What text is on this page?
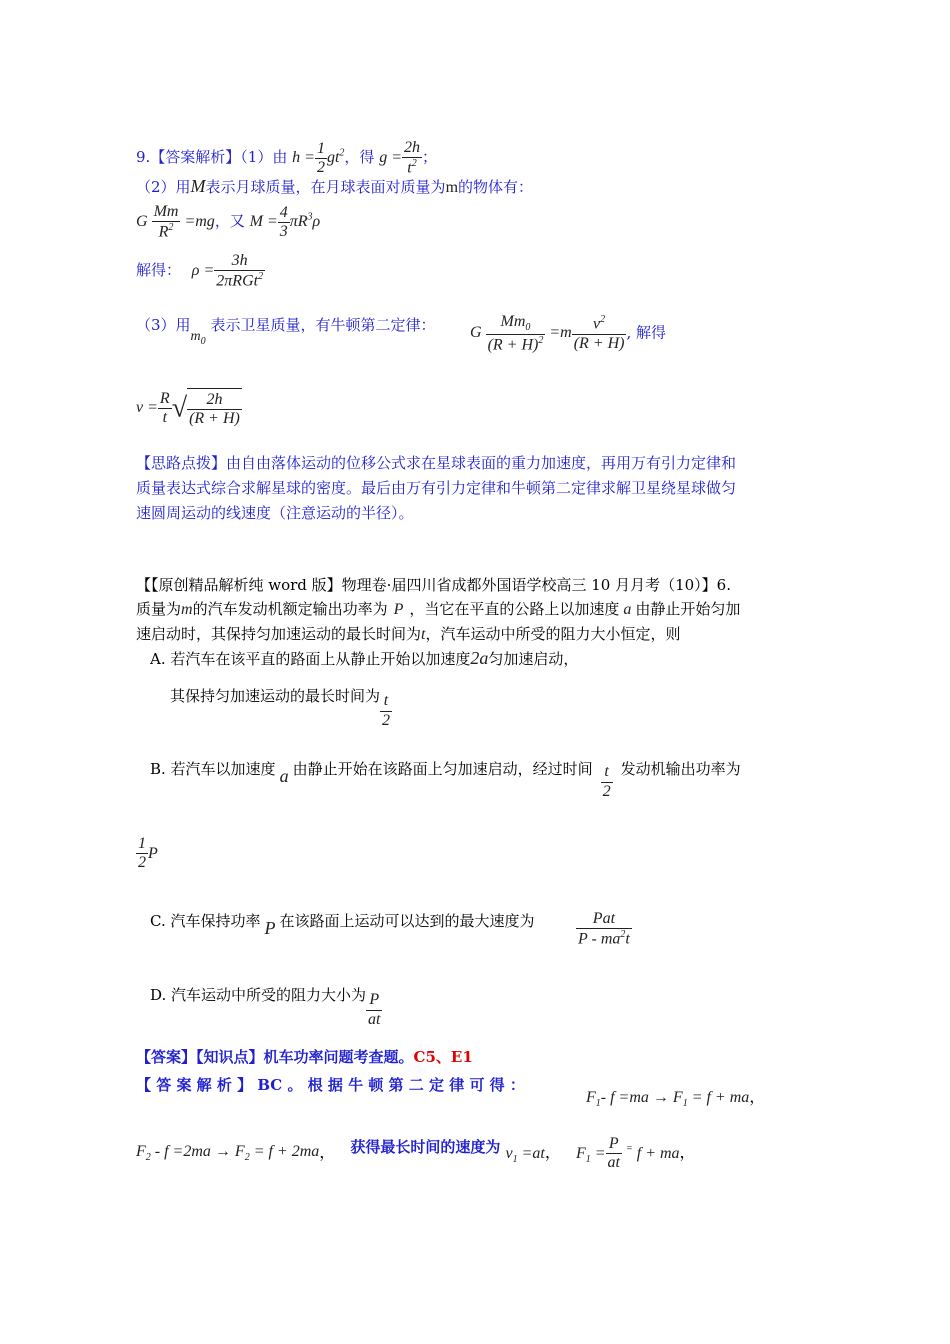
9.【答案解析】（1）由 $h = \frac{1}{2} gt^2$，得 $g = \frac{2h}{t^2}$ ；
（2）用M表示月球质量，在月球表面对质量为m的物体有：
G $\frac{Mm}{R^2} =mg$，又 $M = \frac{4}{3} \pi R^3\rho$
解得： $\rho = \frac{3h}{2\pi RGt^2}$
（3）用$m_0$ 表示卫星质量，有牛顿第二定律： G $\frac{Mm_0}{(R + H)^2} =m \frac{v^2}{(R + H)}$ , 解得
$v = \frac{R}{t}$ √ $\frac{2h}{(R + H)}$
【思路点拨】由自由落体运动的位移公式求在星球表面的重力加速度，再用万有引力定律和
质量表达式综合求解星球的密度。最后由万有引力定律和牛顿第二定律求解卫星绕星球做匀
速圆周运动的线速度（注意运动的半径）。
【【原创精品解析纯 word 版】物理卷·届四川省成都外国语学校高三 10 月月考（10）】6.
质量为m的汽车发动机额定输出功率为 P ，当它在平直的公路上以加速度 a 由静止开始匀加
速启动时，其保持匀加速运动的最长时间为t，汽车运动中所受的阻力大小恒定，则
A. 若汽车在该平直的路面上从静止开始以加速度2a匀加速启动，
其保持匀加速运动的最长时间为 $\frac{t}{2}$
B. 若汽车以加速度 a 由静止开始在该路面上匀加速启动，经过时间 $\frac{t}{2}$ 发动机输出功率为
$\frac{1}{2}$ P
C. 汽车保持功率 P 在该路面上运动可以达到的最大速度为	$\frac{\text{Pat}}{P - ma^2t}$
D. 汽车运动中所受的阻力大小为 $\frac{P}{at}$
【答案】【知识点】机车功率问题考查题。C5、E1
【 答 案 解 析 】 BC 。 根 据 牛 顿 第 二 定 律 可 得 ：
$F_1-$ $f =ma \to F_1 = f$ + ma，
$F_2 - f =2ma \to F_2 = f + 2ma$， 获得最长时间的速度为 $v_1 =at$， $F_1 = \frac{P}{at} ^=$ f + ma，
